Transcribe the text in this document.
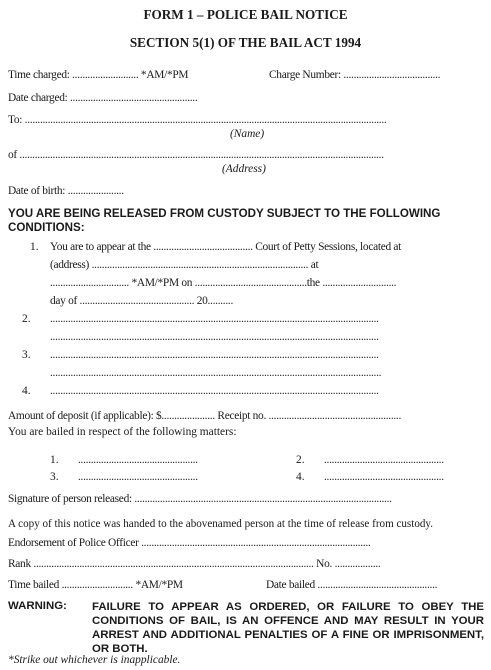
FORM 1 – POLICE BAIL NOTICE
SECTION 5(1) OF THE BAIL ACT 1994
Time charged: .......................... *AM/*PM	Charge Number: ......................................
Date charged: ..................................................
To: ..............................................................................................................................................
(Name)
of ...............................................................................................................................................
(Address)
Date of birth: ......................
YOU ARE BEING RELEASED FROM CUSTODY SUBJECT TO THE FOLLOWING
CONDITIONS:
1. You are to appear at the ....................................... Court of Petty Sessions, located at
(address) ..................................................................................... at
............................... *AM/*PM on ............................................the .............................
day of ............................................. 20..........
2. .................................................................................................................................
.................................................................................................................................
3. .................................................................................................................................
..................................................................................................................................
4. .................................................................................................................................
Amount of deposit (if applicable): $..................... Receipt no. ....................................................
You are bailed in respect of the following matters:
1. ...............................................	2. ...............................................
3. ...............................................	4. ...............................................
Signature of person released: .....................................................................................................
A copy of this notice was handed to the abovenamed person at the time of release from custody.
Endorsement of Police Officer ..........................................................................................
Rank .............................................................................................................. No. ..................
Time bailed ............................ *AM/*PM	Date bailed ...............................................
WARNING: FAILURE TO APPEAR AS ORDERED, OR FAILURE TO OBEY THE CONDITIONS OF BAIL, IS AN OFFENCE AND MAY RESULT IN YOUR ARREST AND ADDITIONAL PENALTIES OF A FINE OR IMPRISONMENT, OR BOTH.
*Strike out whichever is inapplicable.
